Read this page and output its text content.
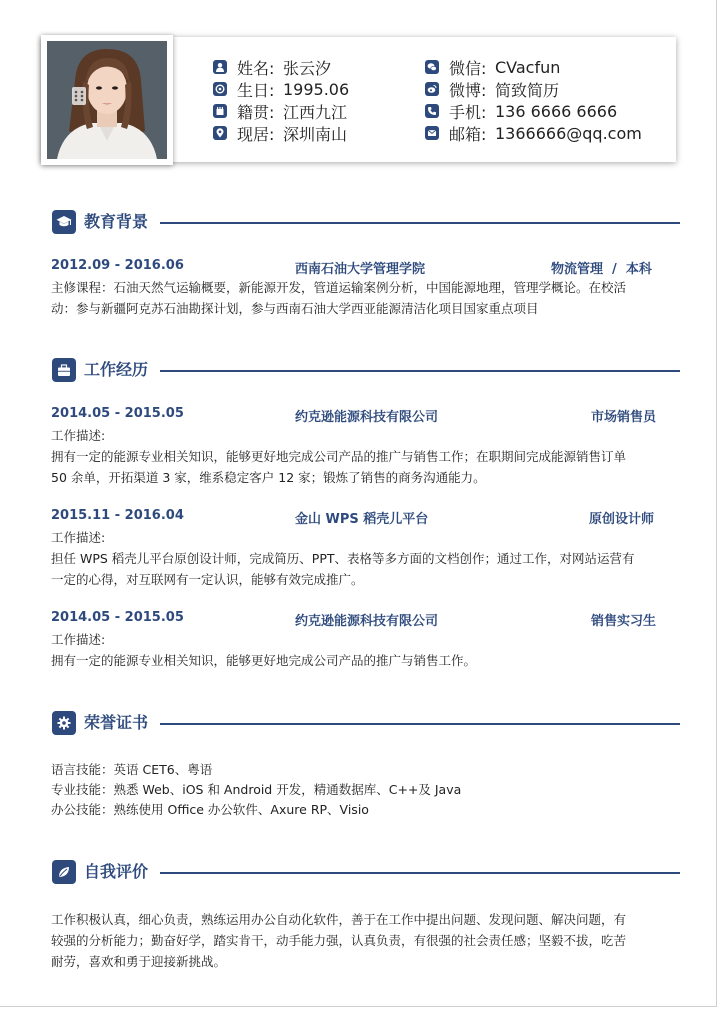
姓名: 张云汐
生日: 1995.06
籍贯: 江西九江
现居: 深圳南山
微信: CVacfun
微博: 简致简历
手机: 136 6666 6666
邮箱: 1366666@qq.com
教育背景
2012.09 - 2016.06	西南石油大学管理学院	物流管理  /  本科
主修课程：石油天然气运输概要，新能源开发，管道运输案例分析，中国能源地理，管理学概论。在校活
动：参与新疆阿克苏石油勘探计划，参与西南石油大学西亚能源清洁化项目国家重点项目
工作经历
2014.05 - 2015.05	约克逊能源科技有限公司	市场销售员
工作描述:
拥有一定的能源专业相关知识，能够更好地完成公司产品的推广与销售工作；在职期间完成能源销售订单
50 余单，开拓渠道 3 家，维系稳定客户 12 家；锻炼了销售的商务沟通能力。
2015.11 - 2016.04	金山 WPS 稻壳儿平台	原创设计师
工作描述:
担任 WPS 稻壳儿平台原创设计师，完成简历、PPT、表格等多方面的文档创作；通过工作，对网站运营有
一定的心得，对互联网有一定认识，能够有效完成推广。
2014.05 - 2015.05	约克逊能源科技有限公司	销售实习生
工作描述:
拥有一定的能源专业相关知识，能够更好地完成公司产品的推广与销售工作。
荣誉证书
语言技能：英语 CET6、粤语
专业技能：熟悉 Web、iOS 和 Android 开发，精通数据库、C++及 Java
办公技能：熟练使用 Office 办公软件、Axure RP、Visio
自我评价
工作积极认真，细心负责，熟练运用办公自动化软件，善于在工作中提出问题、发现问题、解决问题，有
较强的分析能力；勤奋好学，踏实肯干，动手能力强，认真负责，有很强的社会责任感；坚毅不拔，吃苦
耐劳，喜欢和勇于迎接新挑战。
